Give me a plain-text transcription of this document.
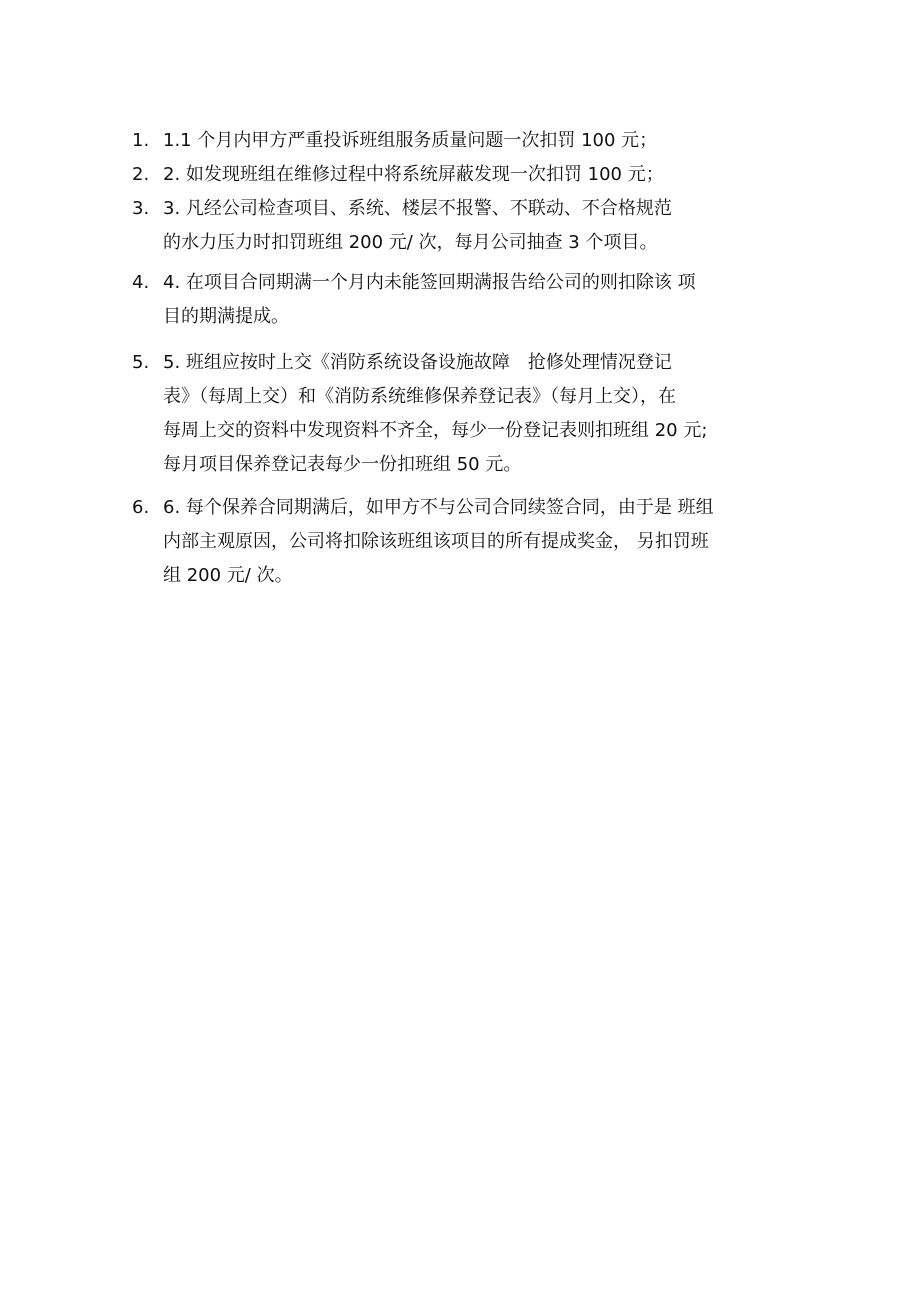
1. 1.1 个月内甲方严重投诉班组服务质量问题一次扣罚 100 元；
2. 2. 如发现班组在维修过程中将系统屏蔽发现一次扣罚 100 元；
3. 3. 凡经公司检查项目、系统、楼层不报警、不联动、不合格规范
的水力压力时扣罚班组 200 元/ 次，每月公司抽查 3 个项目。
4. 4. 在项目合同期满一个月内未能签回期满报告给公司的则扣除该 项
目的期满提成。
5. 5. 班组应按时上交《消防系统设备设施故障　抢修处理情况登记
表》（每周上交）和《消防系统维修保养登记表》（每月上交），在
每周上交的资料中发现资料不齐全，每少一份登记表则扣班组 20 元;
每月项目保养登记表每少一份扣班组 50 元。
6. 6. 每个保养合同期满后，如甲方不与公司合同续签合同，由于是 班组
内部主观原因，公司将扣除该班组该项目的所有提成奖金， 另扣罚班
组 200 元/ 次。
